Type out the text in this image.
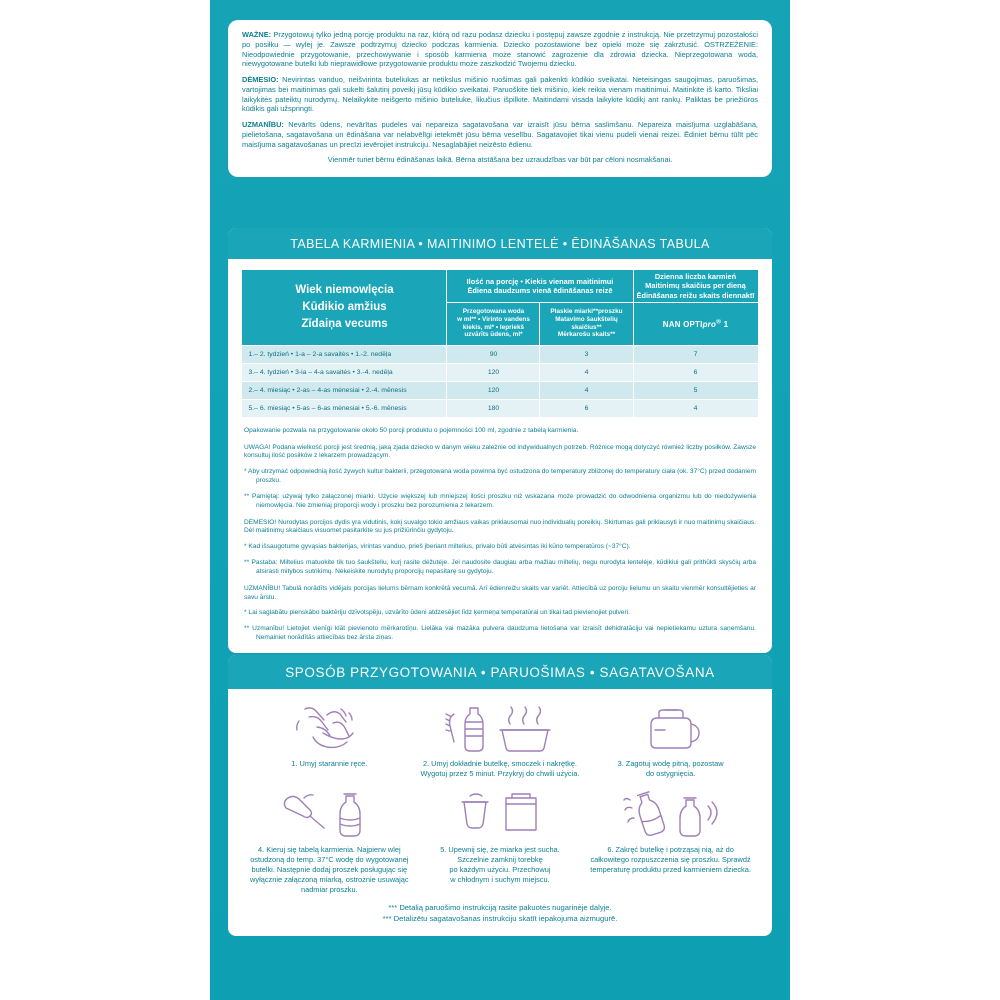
WAŻNE: Przygotowuj tylko jedną porcję produktu na raz, którą od razu podasz dziecku i postępuj zawsze zgodnie z instrukcją. Nie przetrzymuj pozostałości po posiłku — wylej je. Zawsze podtrzymuj dziecko podczas karmienia. Dziecko pozostawione bez opieki może się zakrztusić. OSTRZEŻENIE: Nieodpowiednie przygotowanie, przechowywanie i sposób karmienia może stanowić zagrożenie dla zdrowia dziecka. Nieprzegotowana woda, niewygotowane butelki lub nieprawidłowe przygotowanie produktu może zaszkodzić Twojemu dziecku.
DĖMESIO: Nevirintas vanduo, neišvirinta buteliukas ar netikslus mišinio ruošimas gali pakenkti kūdikio sveikatai. Neteisingas saugojimas, paruošimas, vartojimas bei maitinimas gali sukelti šalutinį poveikį jūsų kūdikio sveikatai. Paruoškite tiek mišinio, kiek reikia vienam maitinimui. Maitinkite iš karto. Tiksliai laikykitės pateiktų nurodymų. Nelaikykite neišgerto mišinio buteliuke, likučius išpilkite. Maitindami visada laikykite kūdikį ant rankų. Paliktas be priežiūros kūdikis gali užspringti.
UZMANĪBU: Nevārīts ūdens, nevārītas pudeles vai nepareiza sagatavošana var izraisīt jūsu bērna saslimšanu. Nepareiza maisījuma uzglabāšana, pielietošana, sagatavošana un ēdināšana var nelabvēlīgi ietekmēt jūsu bērna veselību. Sagatavojiet tikai vienu pudeli vienai reizei. Ēdiniet bērnu tūlīt pēc maisījuma sagatavošanas un precīzi ievērojiet instrukciju. Nesaglabājiet neizēsto ēdienu.
Vienmēr turiet bērnu ēdināšanas laikā. Bērna atstāšana bez uzraudzības var būt par cēloni nosmakšanai.
TABELA KARMIENIA • MAITINIMO LENTELĖ • ĒDINĀŠANAS TABULA
Wiek niemowlęcia
Kūdikio amžius
Zīdaiņa vecums

Ilość na porcję • Kiekis vienam maitinimui
Ēdiena daudzums vienā ēdināšanas reizē

Dzienna liczba karmień
Maitinimų skaičius per dieną
Ēdināšanas reižu skaits diennaktī

Przegotowana woda
w ml** • Virinto vandens
kiekis, ml* • Iepriekš
uzvārīts ūdens, ml*

Płaskie miarki**proszku
Matavimo šaukštelių
skaičius**
Mērkarošu skaits**
	NAN OPTIpro® 1
1.– 2. tydzień • 1-a – 2-a savaitės • 1.-2. nedēļa	90	3	7
3.– 4. tydzień • 3-ia – 4-a savaitės • 3.-4. nedēļa	120	4	6
2.– 4. miesiąc • 2-as – 4-as mėnesiai • 2.-4. mēnesis	120	4	5
5.– 6. miesiąc • 5-as – 6-as mėnesiai • 5.-6. mēnesis	180	6	4
Opakowanie pozwala na przygotowanie około 50 porcji produktu o pojemności 100 ml, zgodnie z tabelą karmienia.
UWAGA! Podana wielkość porcji jest średnią, jaką zjada dziecko w danym wieku zależnie od indywidualnych potrzeb. Różnice mogą dotyczyć również liczby posiłków. Zawsze konsultuj ilość posiłków z lekarzem prowadzącym.
* Aby utrzymać odpowiednią ilość żywych kultur bakterii, przegotowana woda powinna być ostudzona do temperatury zbliżonej do temperatury ciała (ok. 37°C) przed dodaniem proszku.
** Pamiętaj: używaj tylko załączonej miarki. Użycie większej lub mniejszej ilości proszku niż wskazana może prowadzić do odwodnienia organizmu lub do niedożywienia niemowlęcia. Nie zmieniaj proporcji wody i proszku bez porozumienia z lekarzem.
DĖMESIO! Nurodytas porcijos dydis yra vidutinis, kokį suvalgo tokio amžiaus vaikas priklausomai nuo individualių poreikių. Skirtumas gali priklausyti ir nuo maitinimų skaičiaus. Dėl maitinimų skaičiaus visuomet pasitarkite su jus prižiūrinčiu gydytoju.
* Kad išsaugotume gyvąsias bakterijas, virintas vanduo, prieš įberiant miltelius, privalo būti atvėsintas iki kūno temperatūros (~37°C).
** Pastaba: Miltelius matuokite tik tuo šaukšteliu, kurį rasite dėžutėje. Jei naudosite daugiau arba mažiau miltelių, negu nurodyta lentelėje, kūdikiui gali prithūkti skysčių arba atsirasti mitybos sutrikimų. Nekeiskite nurodytų proporcijų nepasitarę su gydytoju.
UZMANĪBU! Tabulā norādīts vidējais porcijas lielums bērnam konkrētā vecumā. Arī ēdienreižu skaits var variēt. Attiecībā uz porciju lielumu un skaitu vienmēr konsultējieties ar savu ārstu.
* Lai saglabātu pienskābo baktēriju dzīvotspēju, uzvārīto ūdeni atdzesējiet līdz ķermeņa temperatūrai un tikai tad pievienojiet pulveri.
** Uzmanību! Lietojiet vienīgi klāt pievienoto mērkarotīņu. Lielāka vai mazāka pulvera daudzuma lietošana var izraisīt dehidratāciju vai nepietiekamu uztura saņemšanu. Nemainiet norādītās attiecības bez ārsta ziņas.
SPOSÓB PRZYGOTOWANIA • PARUOŠIMAS • SAGATAVOŠANA
1. Umyj starannie ręce.	2. Umyj dokładnie butelkę, smoczek i nakrętkę.
Wygotuj przez 5 minut. Przykryj do chwili użycia.
3. Zagotuj wodę pitną, pozostaw
do ostygnięcia.
4. Kieruj się tabelą karmienia. Najpierw wlej ostudzoną do temp. 37°C wodę do wygotowanej butelki. Następnie dodaj proszek posługując się wyłącznie załączoną miarką, ostrożnie usuwając nadmiar proszku.
5. Upewnij się, że miarka jest sucha.
Szczelnie zamknij torebkę
po każdym użyciu. Przechowuj
w chłodnym i suchym miejscu.
6. Zakręć butelkę i potrząsaj nią, aż do całkowitego rozpuszczenia się proszku. Sprawdź temperaturę produktu przed karmieniem dziecka.
*** Detalią paruošimo instrukciją rasite pakuotės nugarinėje dalyje.
*** Detalizētu sagatavošanas instrukciju skatīt iepakojuma aizmugurē.
